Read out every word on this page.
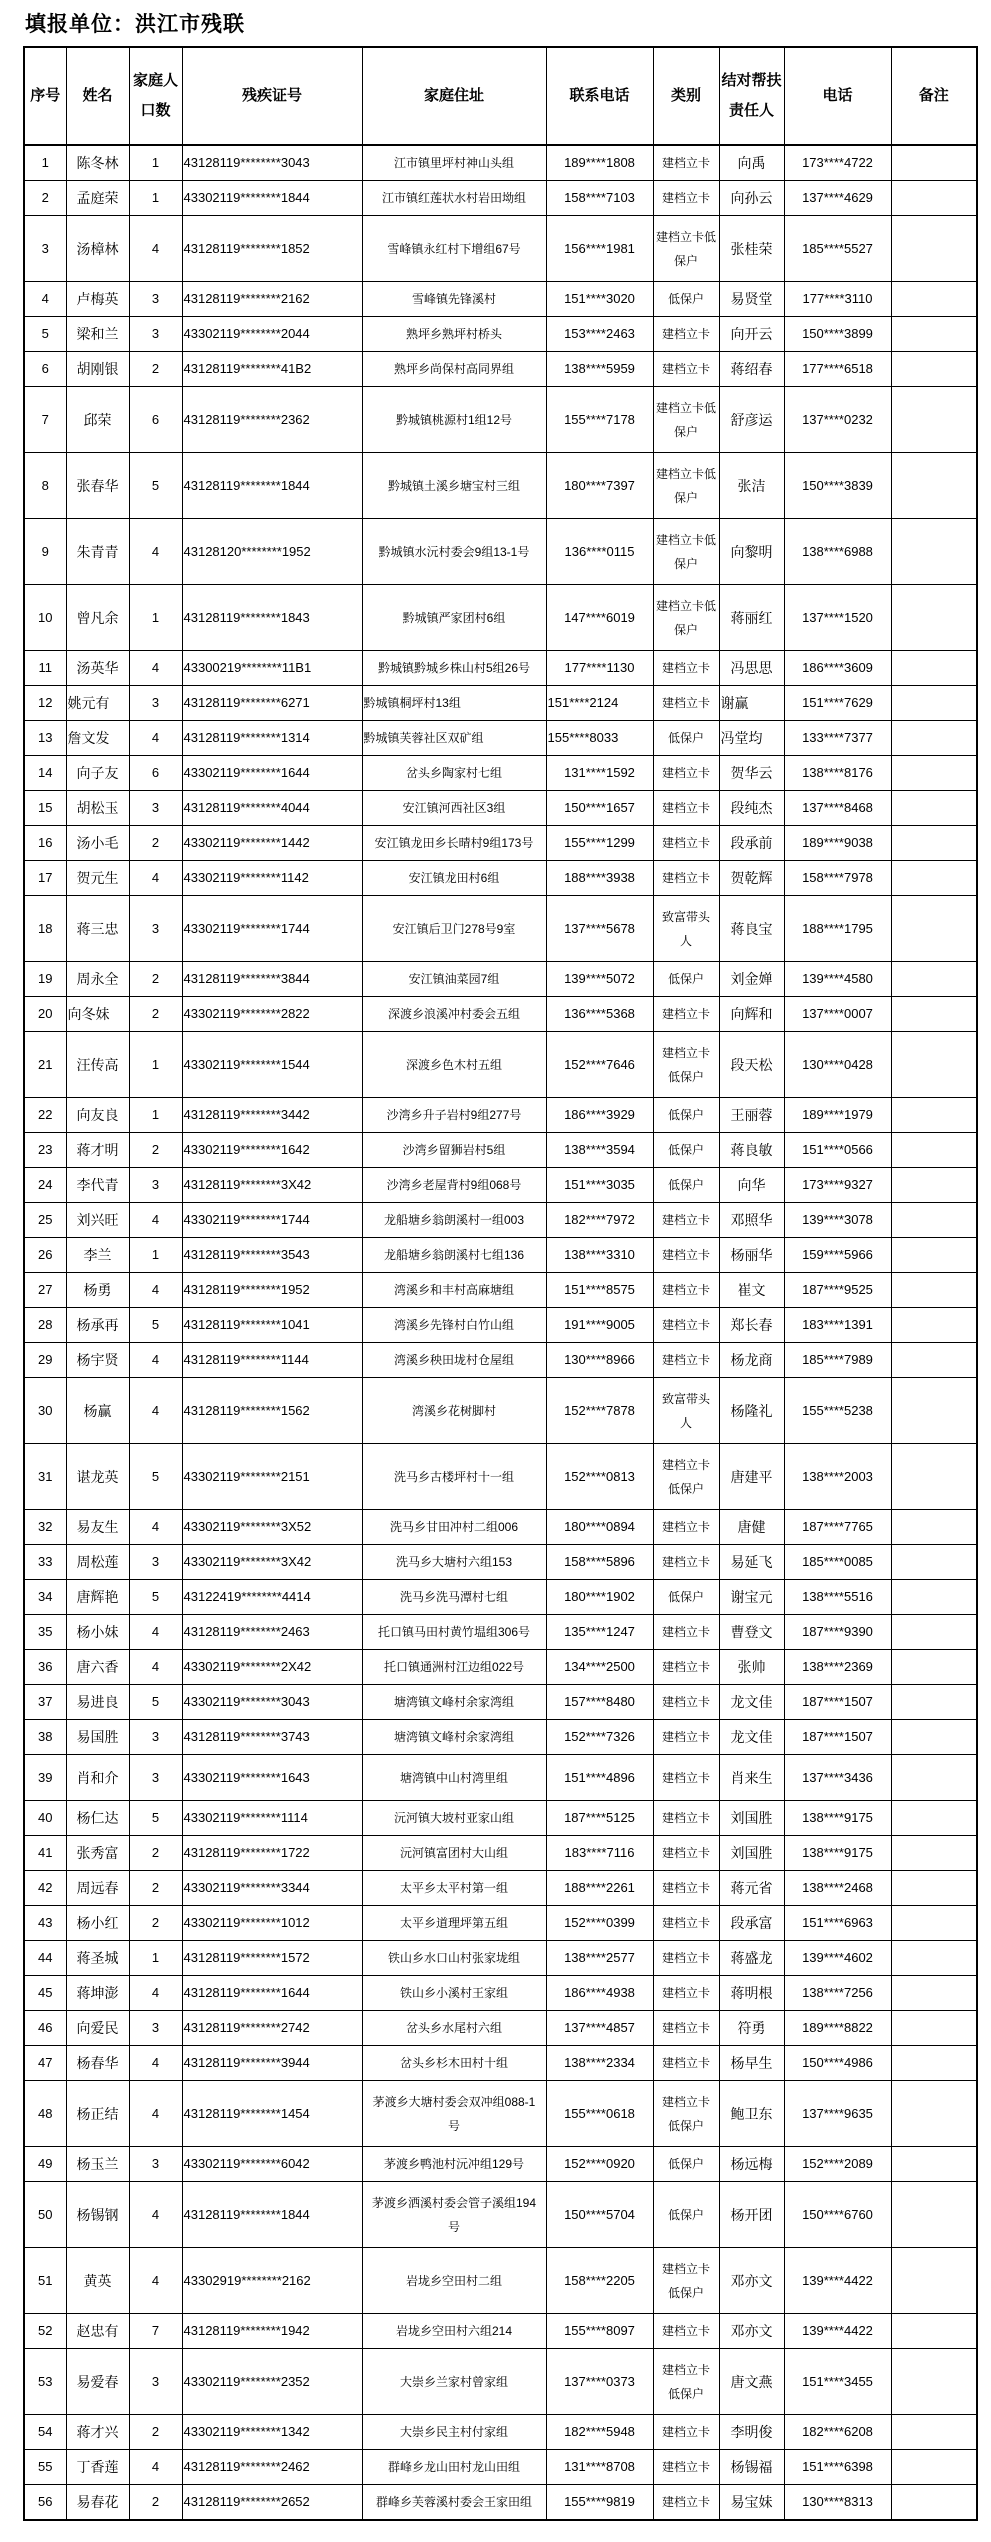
填报单位：洪江市残联
序号	姓名	家庭人口数	残疾证号	家庭住址	联系电话	类别	结对帮扶责任人	电话	备注
1	陈冬林	1	43128119********3043	江市镇里坪村神山头组	189****1808	建档立卡	向禹	173****4722	
2	孟庭荣	1	43302119********1844	江市镇红莲状水村岩田坳组	158****7103	建档立卡	向孙云	137****4629	
3	汤樟林	4	43128119********1852	雪峰镇永红村下增组67号	156****1981	建档立卡低
保户	张桂荣	185****5527	
4	卢梅英	3	43128119********2162	雪峰镇先锋溪村	151****3020	低保户	易贤堂	177****3110	
5	梁和兰	3	43302119********2044	熟坪乡熟坪村桥头	153****2463	建档立卡	向开云	150****3899	
6	胡刚银	2	43128119********41B2	熟坪乡尚保村高同界组	138****5959	建档立卡	蒋绍春	177****6518	
7	邱荣	6	43128119********2362	黔城镇桃源村1组12号	155****7178	建档立卡低
保户	舒彦运	137****0232	
8	张春华	5	43128119********1844	黔城镇土溪乡塘宝村三组	180****7397	建档立卡低
保户	张洁	150****3839	
9	朱青青	4	43128120********1952	黔城镇水沅村委会9组13-1号	136****0115	建档立卡低
保户	向黎明	138****6988	
10	曾凡余	1	43128119********1843	黔城镇严家团村6组	147****6019	建档立卡低
保户	蒋丽红	137****1520	
11	汤英华	4	43300219********11B1	黔城镇黔城乡株山村5组26号	177****1130	建档立卡	冯思思	186****3609	
12	姚元有	3	43128119********6271	黔城镇桐坪村13组	151****2124	建档立卡	谢赢	151****7629	
13	詹文发	4	43128119********1314	黔城镇芙蓉社区双矿组	155****8033	低保户	冯堂均	133****7377	
14	向子友	6	43302119********1644	岔头乡陶家村七组	131****1592	建档立卡	贺华云	138****8176	
15	胡松玉	3	43128119********4044	安江镇河西社区3组	150****1657	建档立卡	段纯杰	137****8468	
16	汤小毛	2	43302119********1442	安江镇龙田乡长晴村9组173号	155****1299	建档立卡	段承前	189****9038	
17	贺元生	4	43302119********1142	安江镇龙田村6组	188****3938	建档立卡	贺乾辉	158****7978	
18	蒋三忠	3	43302119********1744	安江镇后卫门278号9室	137****5678	致富带头
人	蒋良宝	188****1795	
19	周永全	2	43128119********3844	安江镇油菜园7组	139****5072	低保户	刘金婵	139****4580	
20	向冬妹	2	43302119********2822	深渡乡浪溪冲村委会五组	136****5368	建档立卡	向辉和	137****0007	
21	汪传高	1	43302119********1544	深渡乡色木村五组	152****7646	建档立卡
低保户	段天松	130****0428	
22	向友良	1	43128119********3442	沙湾乡升子岩村9组277号	186****3929	低保户	王丽蓉	189****1979	
23	蒋才明	2	43302119********1642	沙湾乡留狮岩村5组	138****3594	低保户	蒋良敏	151****0566	
24	李代青	3	43128119********3X42	沙湾乡老屋背村9组068号	151****3035	低保户	向华	173****9327	
25	刘兴旺	4	43302119********1744	龙船塘乡翁朗溪村一组003	182****7972	建档立卡	邓照华	139****3078	
26	李兰	1	43128119********3543	龙船塘乡翁朗溪村七组136	138****3310	建档立卡	杨丽华	159****5966	
27	杨勇	4	43128119********1952	湾溪乡和丰村高麻塘组	151****8575	建档立卡	崔文	187****9525	
28	杨承再	5	43128119********1041	湾溪乡先锋村白竹山组	191****9005	建档立卡	郑长春	183****1391	
29	杨宇贤	4	43128119********1144	湾溪乡秧田垅村仓屋组	130****8966	建档立卡	杨龙商	185****7989	
30	杨赢	4	43128119********1562	湾溪乡花树脚村	152****7878	致富带头
人	杨隆礼	155****5238	
31	谌龙英	5	43302119********2151	洗马乡古楼坪村十一组	152****0813	建档立卡
低保户	唐建平	138****2003	
32	易友生	4	43302119********3X52	洗马乡甘田冲村二组006	180****0894	建档立卡	唐健	187****7765	
33	周松莲	3	43302119********3X42	洗马乡大塘村六组153	158****5896	建档立卡	易延飞	185****0085	
34	唐辉艳	5	43122419********4414	洗马乡洗马潭村七组	180****1902	低保户	谢宝元	138****5516	
35	杨小妹	4	43128119********2463	托口镇马田村黄竹塭组306号	135****1247	建档立卡	曹登文	187****9390	
36	唐六香	4	43302119********2X42	托口镇通洲村江边组022号	134****2500	建档立卡	张帅	138****2369	
37	易进良	5	43302119********3043	塘湾镇文峰村余家湾组	157****8480	建档立卡	龙文佳	187****1507	
38	易国胜	3	43128119********3743	塘湾镇文峰村余家湾组	152****7326	建档立卡	龙文佳	187****1507	
39	肖和介	3	43302119********1643	塘湾镇中山村湾里组	151****4896	建档立卡	肖来生	137****3436	
40	杨仁达	5	43302119********1114	沅河镇大坡村亚家山组	187****5125	建档立卡	刘国胜	138****9175	
41	张秀富	2	43128119********1722	沅河镇富团村大山组	183****7116	建档立卡	刘国胜	138****9175	
42	周远春	2	43302119********3344	太平乡太平村第一组	188****2261	建档立卡	蒋元省	138****2468	
43	杨小红	2	43302119********1012	太平乡道理坪第五组	152****0399	建档立卡	段承富	151****6963	
44	蒋圣城	1	43128119********1572	铁山乡水口山村张家垅组	138****2577	建档立卡	蒋盛龙	139****4602	
45	蒋坤澎	4	43128119********1644	铁山乡小溪村王家组	186****4938	建档立卡	蒋明根	138****7256	
46	向爱民	3	43128119********2742	岔头乡水尾村六组	137****4857	建档立卡	符勇	189****8822	
47	杨春华	4	43128119********3944	岔头乡杉木田村十组	138****2334	建档立卡	杨早生	150****4986	
48	杨正结	4	43128119********1454	茅渡乡大塘村委会双冲组088-1
号	155****0618	建档立卡
低保户	鲍卫东	137****9635	
49	杨玉兰	3	43302119********6042	茅渡乡鸭池村沅冲组129号	152****0920	低保户	杨远梅	152****2089	
50	杨锡钢	4	43128119********1844	茅渡乡洒溪村委会管子溪组194
号	150****5704	低保户	杨开团	150****6760	
51	黄英	4	43302919********2162	岩垅乡空田村二组	158****2205	建档立卡
低保户	邓亦文	139****4422	
52	赵忠有	7	43128119********1942	岩垅乡空田村六组214	155****8097	建档立卡	邓亦文	139****4422	
53	易爱春	3	43302119********2352	大崇乡兰家村曾家组	137****0373	建档立卡
低保户	唐文燕	151****3455	
54	蒋才兴	2	43302119********1342	大崇乡民主村付家组	182****5948	建档立卡	李明俊	182****6208	
55	丁香莲	4	43128119********2462	群峰乡龙山田村龙山田组	131****8708	建档立卡	杨锡福	151****6398	
56	易春花	2	43128119********2652	群峰乡芙蓉溪村委会王家田组	155****9819	建档立卡	易宝妹	130****8313	
